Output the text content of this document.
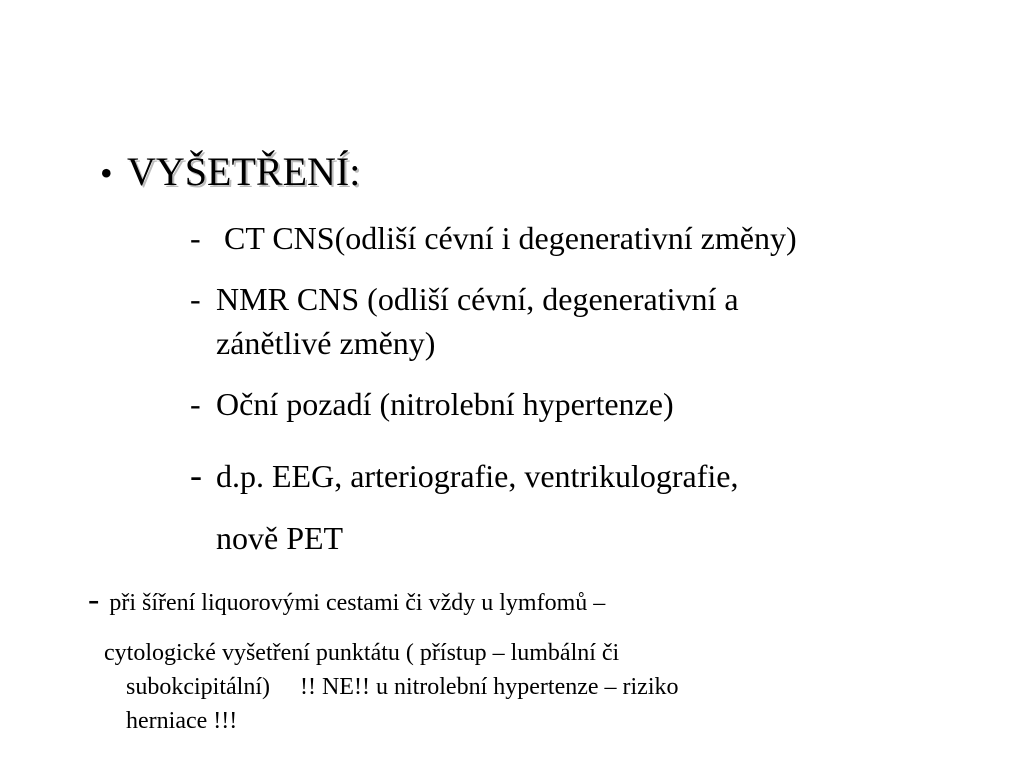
• VYŠETŘENÍ:
- CT CNS(odliší cévní i degenerativní změny)
- NMR CNS (odliší cévní, degenerativní a
zánětlivé změny)
- Oční pozadí (nitrolební hypertenze)
- d.p. EEG, arteriografie, ventrikulografie,
nově PET
- při šíření liquorovými cestami či vždy u lymfomů –
cytologické vyšetření punktátu ( přístup – lumbální či
subokcipitální)     !! NE!! u nitrolební hypertenze – riziko
herniace !!!
